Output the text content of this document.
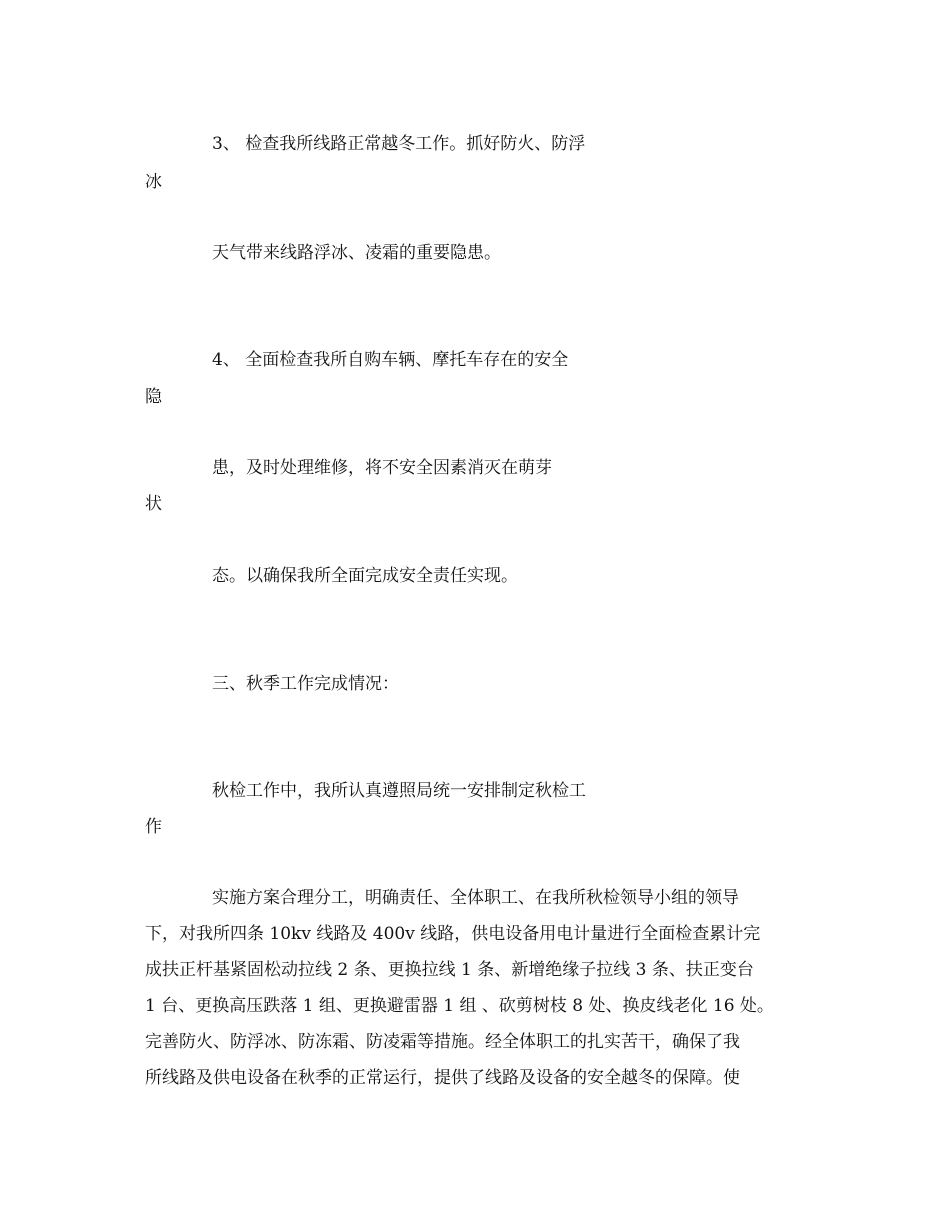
3、 检查我所线路正常越冬工作。抓好防火、防浮

冰

天气带来线路浮冰、凌霜的重要隐患。

4、 全面检查我所自购车辆、摩托车存在的安全

隐

患，及时处理维修，将不安全因素消灭在萌芽

状

态。以确保我所全面完成安全责任实现。

三、秋季工作完成情况：

秋检工作中，我所认真遵照局统一安排制定秋检工

作

实施方案合理分工，明确责任、全体职工、在我所秋检领导小组的领导

下，对我所四条 10kv 线路及 400v 线路，供电设备用电计量进行全面检查累计完

成扶正杆基紧固松动拉线 2 条、更换拉线 1 条、新增绝缘子拉线 3 条、扶正变台

1 台、更换高压跌落 1 组、更换避雷器 1 组 、砍剪树枝 8 处、换皮线老化 16 处。

完善防火、防浮冰、防冻霜、防凌霜等措施。经全体职工的扎实苦干，确保了我

所线路及供电设备在秋季的正常运行，提供了线路及设备的安全越冬的保障。使
